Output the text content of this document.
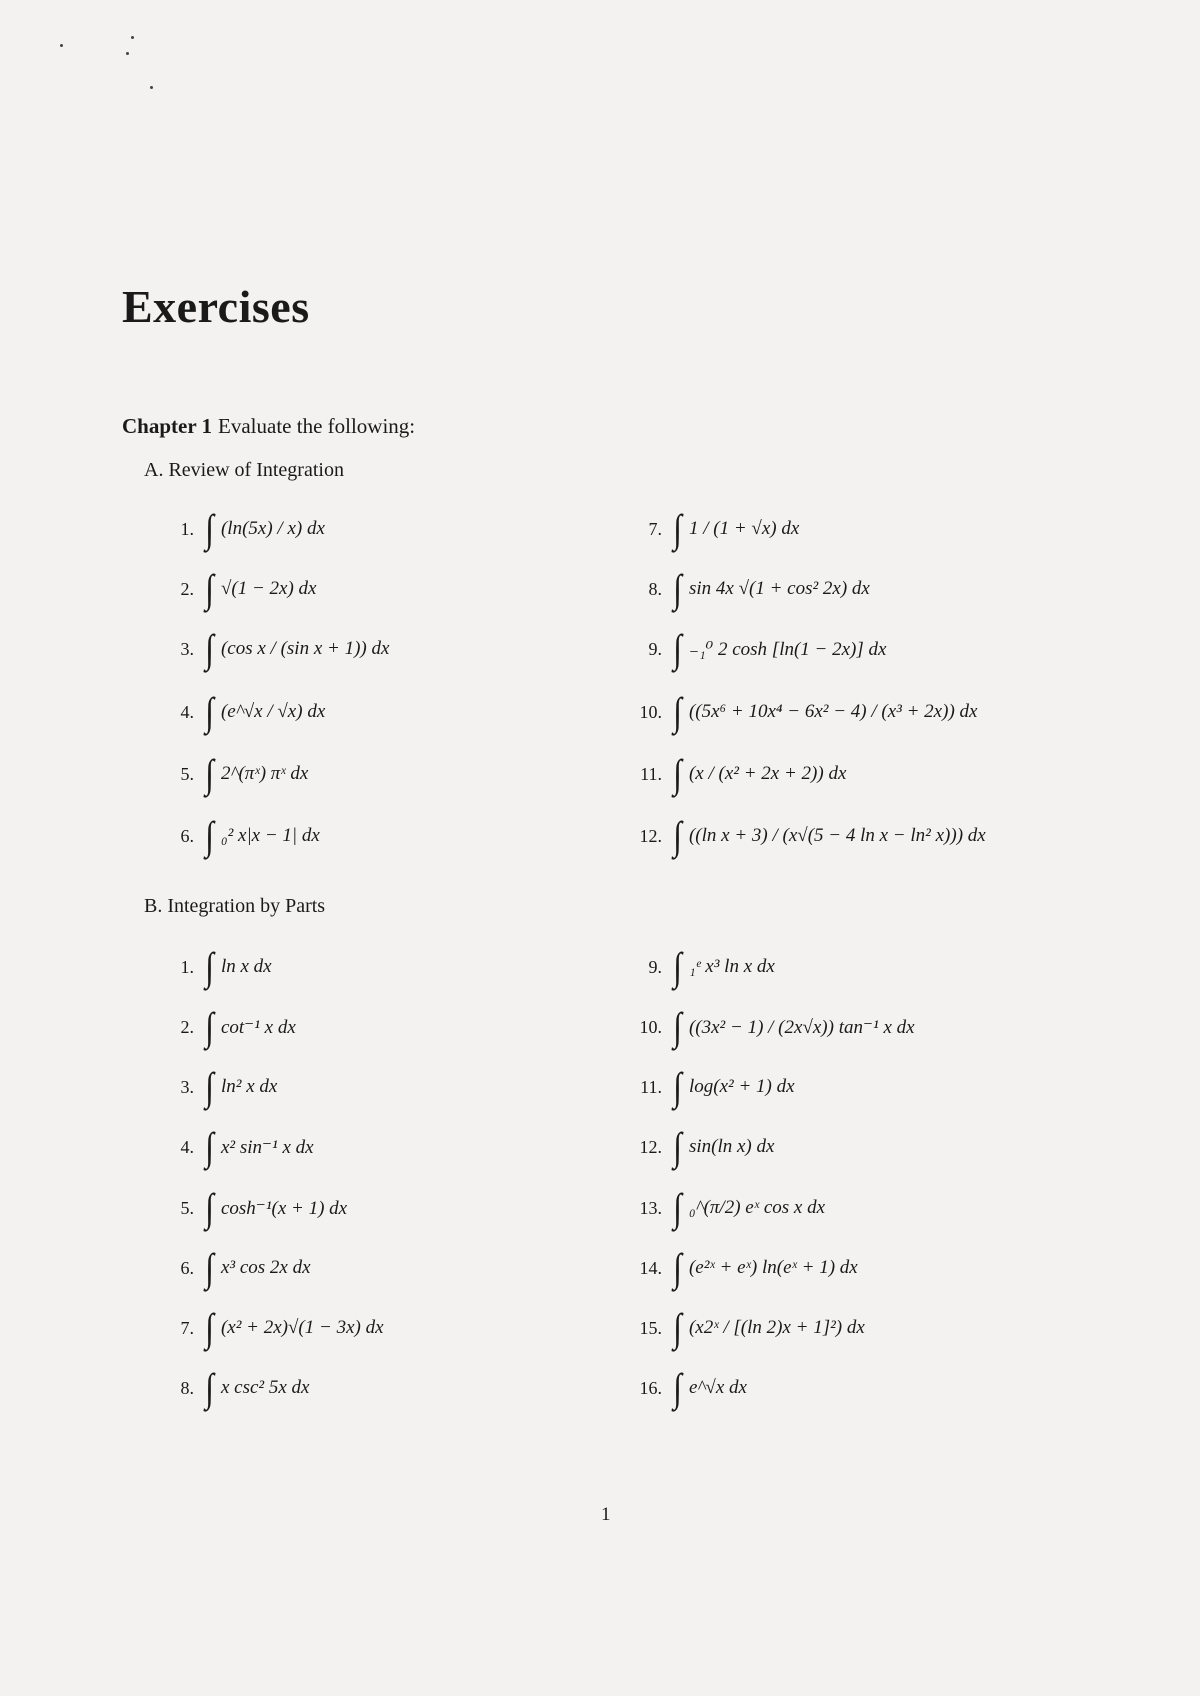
Exercises
Chapter 1 Evaluate the following:
A. Review of Integration
1. ∫ (ln(5x) / x) dx
2. ∫ √(1 − 2x) dx
3. ∫ (cos x / (sin x + 1)) dx
4. ∫ (e^√x / √x) dx
5. ∫ 2^(πˣ) πˣ dx
6. ∫ ₀² x|x − 1| dx
7. ∫ 1 / (1 + √x) dx
8. ∫ sin 4x √(1 + cos² 2x) dx
9. ∫ ₋₁⁰ 2 cosh [ln(1 − 2x)] dx
10. ∫ ((5x⁶ + 10x⁴ − 6x² − 4) / (x³ + 2x)) dx
11. ∫ (x / (x² + 2x + 2)) dx
12. ∫ ((ln x + 3) / (x√(5 − 4 ln x − ln² x))) dx
B. Integration by Parts
1. ∫ ln x dx
2. ∫ cot⁻¹ x dx
3. ∫ ln² x dx
4. ∫ x² sin⁻¹ x dx
5. ∫ cosh⁻¹(x + 1) dx
6. ∫ x³ cos 2x dx
7. ∫ (x² + 2x)√(1 − 3x) dx
8. ∫ x csc² 5x dx
9. ∫ ₁ᵉ x³ ln x dx
10. ∫ ((3x² − 1) / (2x√x)) tan⁻¹ x dx
11. ∫ log(x² + 1) dx
12. ∫ sin(ln x) dx
13. ∫ ₀^(π/2) eˣ cos x dx
14. ∫ (e²ˣ + eˣ) ln(eˣ + 1) dx
15. ∫ (x2ˣ / [(ln 2)x + 1]²) dx
16. ∫ e^√x dx
1
